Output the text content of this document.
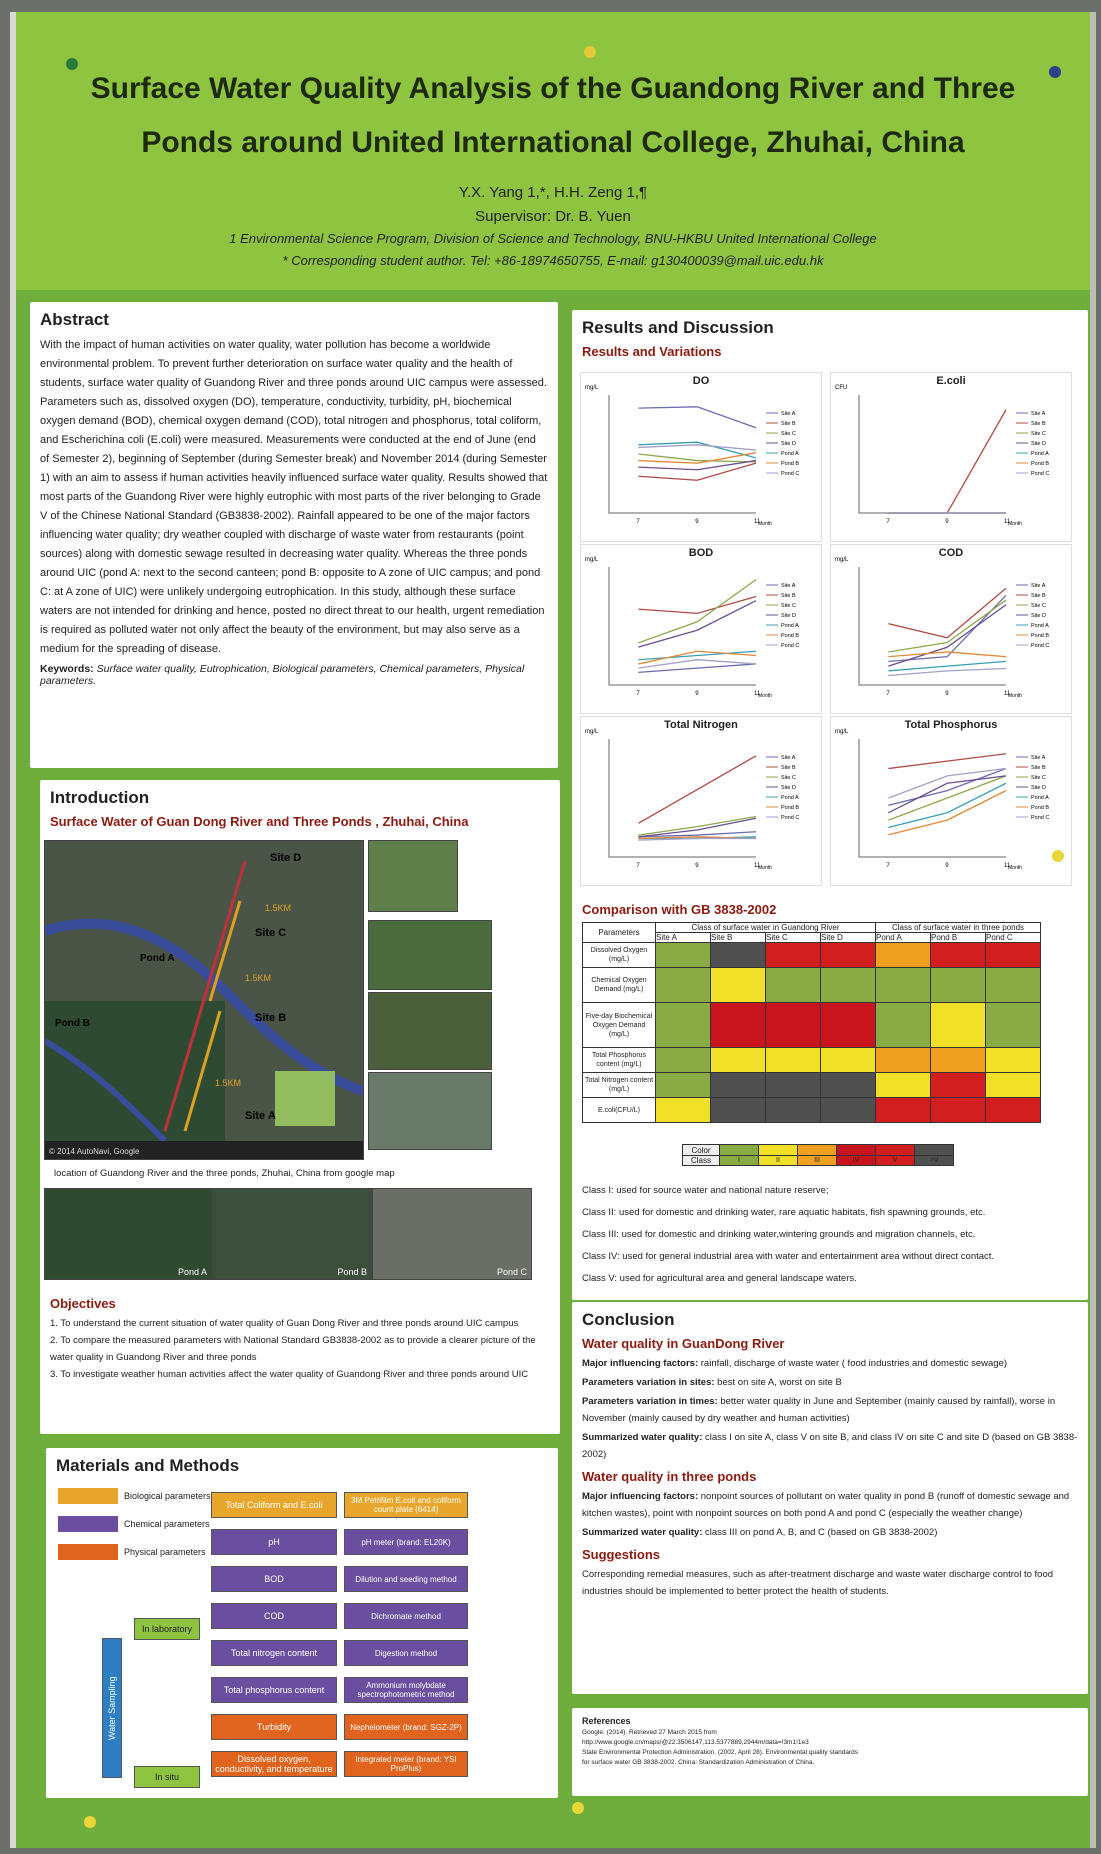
Surface Water Quality Analysis of the Guandong River and Three
Ponds around United International College, Zhuhai, China
Y.X. Yang 1,*, H.H. Zeng 1,¶
Supervisor: Dr. B. Yuen
1 Environmental Science Program, Division of Science and Technology, BNU-HKBU United International College
* Corresponding student author. Tel: +86-18974650755, E-mail: g130400039@mail.uic.edu.hk
Abstract
With the impact of human activities on water quality, water pollution has become a worldwide environmental problem. To prevent further deterioration on surface water quality and the health of students, surface water quality of Guandong River and three ponds around UIC campus were assessed. Parameters such as, dissolved oxygen (DO), temperature, conductivity, turbidity, pH, biochemical oxygen demand (BOD), chemical oxygen demand (COD), total nitrogen and phosphorus, total coliform, and Escherichina coli (E.coli) were measured. Measurements were conducted at the end of June (end of Semester 2), beginning of September (during Semester break) and November 2014 (during Semester 1) with an aim to assess if human activities heavily influenced surface water quality. Results showed that most parts of the Guandong River were highly eutrophic with most parts of the river belonging to Grade V of the Chinese National Standard (GB3838-2002). Rainfall appeared to be one of the major factors influencing water quality; dry weather coupled with discharge of waste water from restaurants (point sources) along with domestic sewage resulted in decreasing water quality. Whereas the three ponds around UIC (pond A: next to the second canteen; pond B: opposite to A zone of UIC campus; and pond C: at A zone of UIC) were unlikely undergoing eutrophication. In this study, although these surface waters are not intended for drinking and hence, posted no direct threat to our health, urgent remediation is required as polluted water not only affect the beauty of the environment, but may also serve as a medium for the spreading of disease.
Keywords: Surface water quality, Eutrophication, Biological parameters, Chemical parameters, Physical parameters.
Introduction
Surface Water of Guan Dong River and Three Ponds , Zhuhai, China
Site D
Site C
Site B
Site A
Pond A
Pond B
1.5KM
1.5KM
1.5KM
© 2014 AutoNavi, Google
location of Guandong River and the three ponds, Zhuhai, China from google map
Pond A	Pond B	Pond C
Objectives
1. To understand the current situation of water quality of Guan Dong River and three ponds around UIC campus
2. To compare the measured parameters with National Standard GB3838-2002 as to provide a clearer picture of the water quality in Guandong River and three ponds
3. To investigate weather human activities affect the water quality of Guandong River and three ponds around UIC
Materials and Methods
Biological parameters
Chemical parameters
Physical parameters
Water Sampling
In laboratory
In situ
Total Coliform and E.coli	3M Petrifilm E.coli and coliform count plate (6414)
pH	pH meter (brand: EL20K)
BOD	Dilution and seeding method
COD	Dichromate method
Total nitrogen content	Digestion method
Total phosphorus content	Ammonium molybdate spectrophotometric method
Turbidity	Nephelometer (brand: SGZ-2P)
Dissolved oxygen, conductivity, and temperature
Integrated meter (brand: YSI ProPlus)
Results and Discussion
Results and Variations
DO
mg/L
7	9	11
Month
Site A
Site B
Site C
Site D
Pond A
Pond B
Pond C
E.coli
CFU
7	9	11
Month
Site A
Site B
Site C
Site D
Pond A
Pond B
Pond C
BOD
mg/L
7	9	11
Month
Site A
Site B
Site C
Site D
Pond A
Pond B
Pond C
COD
mg/L
7	9	11
Month
Site A
Site B
Site C
Site D
Pond A
Pond B
Pond C
Total Nitrogen
mg/L
7	9	11
Month
Site A
Site B
Site C
Site D
Pond A
Pond B
Pond C
Total Phosphorus
mg/L
7	9	11
Month
Site A
Site B
Site C
Site D
Pond A
Pond B
Pond C
Comparison with GB 3838-2002
Parameters	Class of surface water in Guandong River				Class of surface water in three ponds		
	Site A	Site B	Site C	Site D	Pond A	Pond B	Pond C
Dissolved Oxygen (mg/L)							
Chemical Oxygen Demand (mg/L)							
Five-day Biochemical Oxygen Demand (mg/L)							
Total Phosphorus content (mg/L)							
Total Nitrogen content (mg/L)							
E.coli(CFU/L)							
Color						
Class	I	II	III	IV	V	>V
Class I: used for source water and national nature reserve;
Class II: used for domestic and drinking water, rare aquatic habitats, fish spawning grounds, etc.
Class III: used for domestic and drinking water,wintering grounds and migration channels, etc.
Class IV: used for general industrial area with water and entertainment area without direct contact.
Class V: used for agricultural area and general landscape waters.
Conclusion
Water quality in GuanDong River
Major influencing factors: rainfall, discharge of waste water ( food industries and domestic sewage)
Parameters variation in sites: best on site A, worst on site B
Parameters variation in times: better water quality in June and September (mainly caused by rainfall), worse in November (mainly caused by dry weather and human activities)
Summarized water quality: class I on site A, class V on site B, and class IV on site C and site D (based on GB 3838-2002)
Water quality in three ponds
Major influencing factors: nonpoint sources of pollutant on water quality in pond B (runoff of domestic sewage and kitchen wastes), point with nonpoint sources on both pond A and pond C (especially the weather change)
Summarized water quality: class III on pond A, B, and C (based on GB 3838-2002)
Suggestions
Corresponding remedial measures, such as after-treatment discharge and waste water discharge control to food industries should be implemented to better protect the health of students.
References
Google. (2014). Retrieved 27 March 2015 from
http://www.google.cn/maps/@22.3506147,113.5377889,2944m/data=!3m1!1e3
State Environmental Protection Administration. (2002, April 28). Environmental quality standards
for surface water GB 3838-2002. China: Standardization Administration of China.
